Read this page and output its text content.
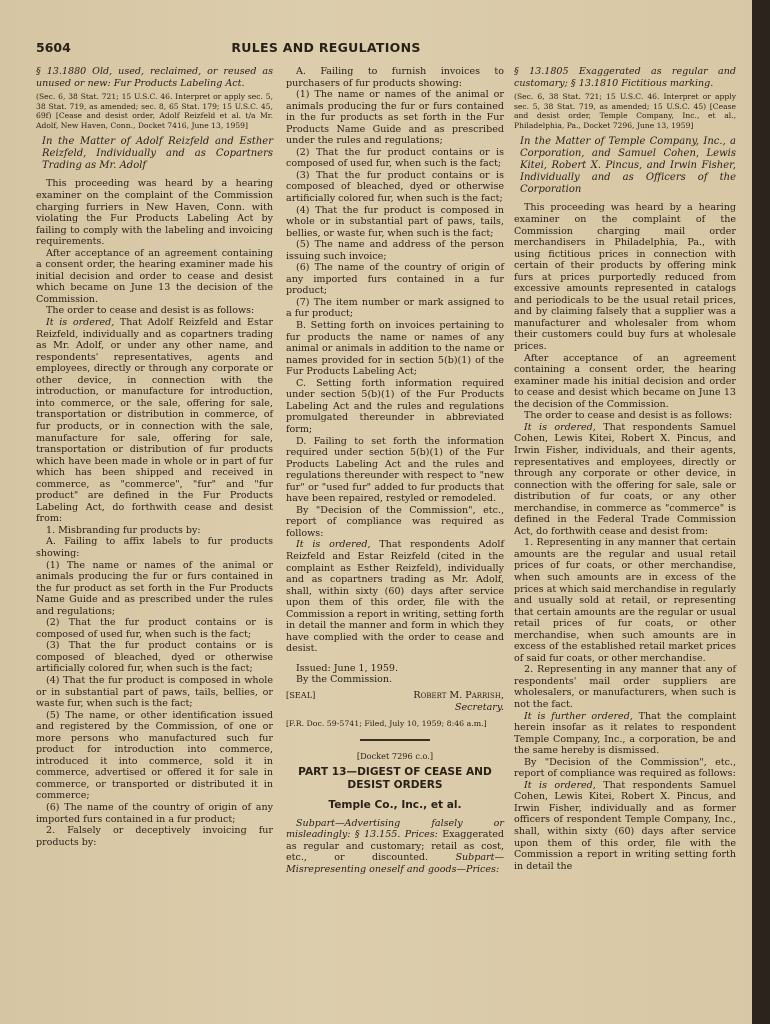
5604	RULES AND REGULATIONS

§ 13.1880 Old, used, reclaimed, or reused as unused or new: Fur Products Labeling Act.

(Sec. 6, 38 Stat. 721; 15 U.S.C. 46. Interpret or apply sec. 5, 38 Stat. 719, as amended; sec. 8, 65 Stat. 179; 15 U.S.C. 45, 69f) [Cease and desist order, Adolf Reizfeld et al. t/a Mr. Adolf, New Haven, Conn., Docket 7416, June 13, 1959]

In the Matter of Adolf Reizfeld and Esther Reizfeld, Individually and as Copartners Trading as Mr. Adolf

This proceeding was heard by a hearing examiner on the complaint of the Commission charging furriers in New Haven, Conn. with violating the Fur Products Labeling Act by failing to comply with the labeling and invoicing requirements.

After acceptance of an agreement containing a consent order, the hearing examiner made his initial decision and order to cease and desist which became on June 13 the decision of the Commission.

The order to cease and desist is as follows:

It is ordered, That Adolf Reizfeld and Estar Reizfeld, individually and as copartners trading as Mr. Adolf, or under any other name, and respondents' representatives, agents and employees, directly or through any corporate or other device, in connection with the introduction, or manufacture for introduction, into commerce, or the sale, offering for sale, transportation or distribution in commerce, of fur products, or in connection with the sale, manufacture for sale, offering for sale, transportation or distribution of fur products which have been made in whole or in part of fur which has been shipped and received in commerce, as "commerce", "fur" and "fur product" are defined in the Fur Products Labeling Act, do forthwith cease and desist from:

1. Misbranding fur products by:

A. Failing to affix labels to fur products showing:

(1) The name or names of the animal or animals producing the fur or furs contained in the fur product as set forth in the Fur Products Name Guide and as prescribed under the rules and regulations;

(2) That the fur product contains or is composed of used fur, when such is the fact;

(3) That the fur product contains or is composed of bleached, dyed or otherwise artificially colored fur, when such is the fact;

(4) That the fur product is composed in whole or in substantial part of paws, tails, bellies, or waste fur, when such is the fact;

(5) The name, or other identification issued and registered by the Commission, of one or more persons who manufactured such fur product for introduction into commerce, introduced it into commerce, sold it in commerce, advertised or offered it for sale in commerce, or transported or distributed it in commerce;

(6) The name of the country of origin of any imported furs contained in a fur product;

2. Falsely or deceptively invoicing fur products by:

A. Failing to furnish invoices to purchasers of fur products showing:

(1) The name or names of the animal or animals producing the fur or furs contained in the fur products as set forth in the Fur Products Name Guide and as prescribed under the rules and regulations;

(2) That the fur product contains or is composed of used fur, when such is the fact;

(3) That the fur product contains or is composed of bleached, dyed or otherwise artificially colored fur, when such is the fact;

(4) That the fur product is composed in whole or in substantial part of paws, tails, bellies, or waste fur, when such is the fact;

(5) The name and address of the person issuing such invoice;

(6) The name of the country of origin of any imported furs contained in a fur product;

(7) The item number or mark assigned to a fur product;

B. Setting forth on invoices pertaining to fur products the name or names of any animal or animals in addition to the name or names provided for in section 5(b)(1) of the Fur Products Labeling Act;

C. Setting forth information required under section 5(b)(1) of the Fur Products Labeling Act and the rules and regulations promulgated thereunder in abbreviated form;

D. Failing to set forth the information required under section 5(b)(1) of the Fur Products Labeling Act and the rules and regulations thereunder with respect to "new fur" or "used fur" added to fur products that have been repaired, restyled or remodeled.

By "Decision of the Commission", etc., report of compliance was required as follows:

It is ordered, That respondents Adolf Reizfeld and Estar Reizfeld (cited in the complaint as Esther Reizfeld), individually and as copartners trading as Mr. Adolf, shall, within sixty (60) days after service upon them of this order, file with the Commission a report in writing, setting forth in detail the manner and form in which they have complied with the order to cease and desist.

Issued: June 1, 1959.

By the Commission.

[SEAL]	Robert M. Parrish,

Secretary.

[F.R. Doc. 59-5741; Filed, July 10, 1959; 8:46 a.m.]

[Docket 7296 c.o.]

PART 13—DIGEST OF CEASE AND DESIST ORDERS

Temple Co., Inc., et al.

Subpart—Advertising falsely or misleadingly: § 13.155. Prices: Exaggerated as regular and customary; retail as cost, etc., or discounted. Subpart—Misrepresenting oneself and goods—Prices:

§ 13.1805 Exaggerated as regular and customary; § 13.1810 Fictitious marking.

(Sec. 6, 38 Stat. 721; 15 U.S.C. 46. Interpret or apply sec. 5, 38 Stat. 719, as amended; 15 U.S.C. 45) [Cease and desist order, Temple Company, Inc., et al., Philadelphia, Pa., Docket 7296, June 13, 1959]

In the Matter of Temple Company, Inc., a Corporation, and Samuel Cohen, Lewis Kitei, Robert X. Pincus, and Irwin Fisher, Individually and as Officers of the Corporation

This proceeding was heard by a hearing examiner on the complaint of the Commission charging mail order merchandisers in Philadelphia, Pa., with using fictitious prices in connection with certain of their products by offering mink furs at prices purportedly reduced from excessive amounts represented in catalogs and periodicals to be the usual retail prices, and by claiming falsely that a supplier was a manufacturer and wholesaler from whom their customers could buy furs at wholesale prices.

After acceptance of an agreement containing a consent order, the hearing examiner made his initial decision and order to cease and desist which became on June 13 the decision of the Commission.

The order to cease and desist is as follows:

It is ordered, That respondents Samuel Cohen, Lewis Kitei, Robert X. Pincus, and Irwin Fisher, individuals, and their agents, representatives and employees, directly or through any corporate or other device, in connection with the offering for sale, sale or distribution of fur coats, or any other merchandise, in commerce as "commerce" is defined in the Federal Trade Commission Act, do forthwith cease and desist from:

1. Representing in any manner that certain amounts are the regular and usual retail prices of fur coats, or other merchandise, when such amounts are in excess of the prices at which said merchandise in regularly and usually sold at retail, or representing that certain amounts are the regular or usual retail prices of fur coats, or other merchandise, when such amounts are in excess of the established retail market prices of said fur coats, or other merchandise.

2. Representing in any manner that any of respondents' mail order suppliers are wholesalers, or manufacturers, when such is not the fact.

It is further ordered, That the complaint herein insofar as it relates to respondent Temple Company, Inc., a corporation, be and the same hereby is dismissed.

By "Decision of the Commission", etc., report of compliance was required as follows:

It is ordered, That respondents Samuel Cohen, Lewis Kitei, Robert X. Pincus, and Irwin Fisher, individually and as former officers of respondent Temple Company, Inc., shall, within sixty (60) days after service upon them of this order, file with the Commission a report in writing setting forth in detail the
